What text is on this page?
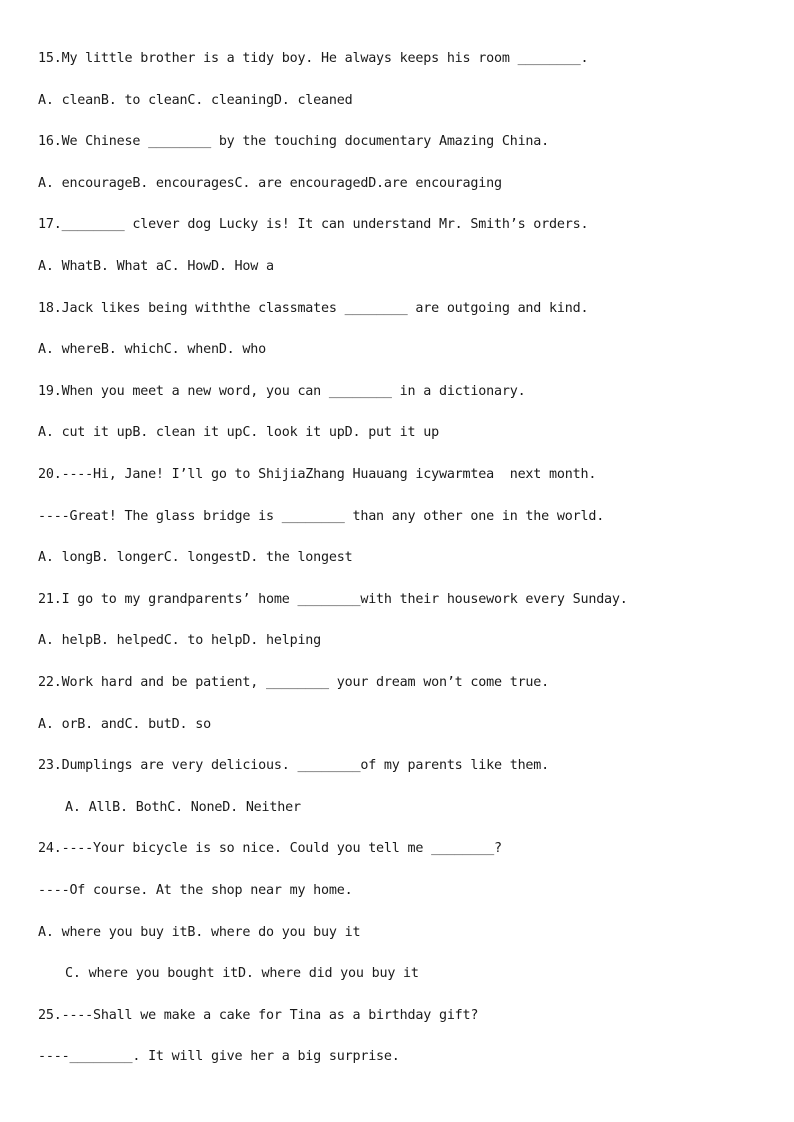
15.My little brother is a tidy boy. He always keeps his room ________.
A. cleanB. to cleanC. cleaningD. cleaned
16.We Chinese ________ by the touching documentary Amazing China.
A. encourageB. encouragesC. are encouragedD.are encouraging
17.________ clever dog Lucky is! It can understand Mr. Smith’s orders.
A. WhatB. What aC. HowD. How a
18.Jack likes being withthe classmates ________ are outgoing and kind.
A. whereB. whichC. whenD. who
19.When you meet a new word, you can ________ in a dictionary.
A. cut it upB. clean it upC. look it upD. put it up
20.----Hi, Jane! I’ll go to ShijiaZhang Huauang icywarmtea  next month.
----Great! The glass bridge is ________ than any other one in the world.
A. longB. longerC. longestD. the longest
21.I go to my grandparents’ home ________with their housework every Sunday.
A. helpB. helpedC. to helpD. helping
22.Work hard and be patient, ________ your dream won’t come true.
A. orB. andC. butD. so
23.Dumplings are very delicious. ________of my parents like them.
A. AllB. BothC. NoneD. Neither
24.----Your bicycle is so nice. Could you tell me ________?
----Of course. At the shop near my home.
A. where you buy itB. where do you buy it
C. where you bought itD. where did you buy it
25.----Shall we make a cake for Tina as a birthday gift?
----________. It will give her a big surprise.
